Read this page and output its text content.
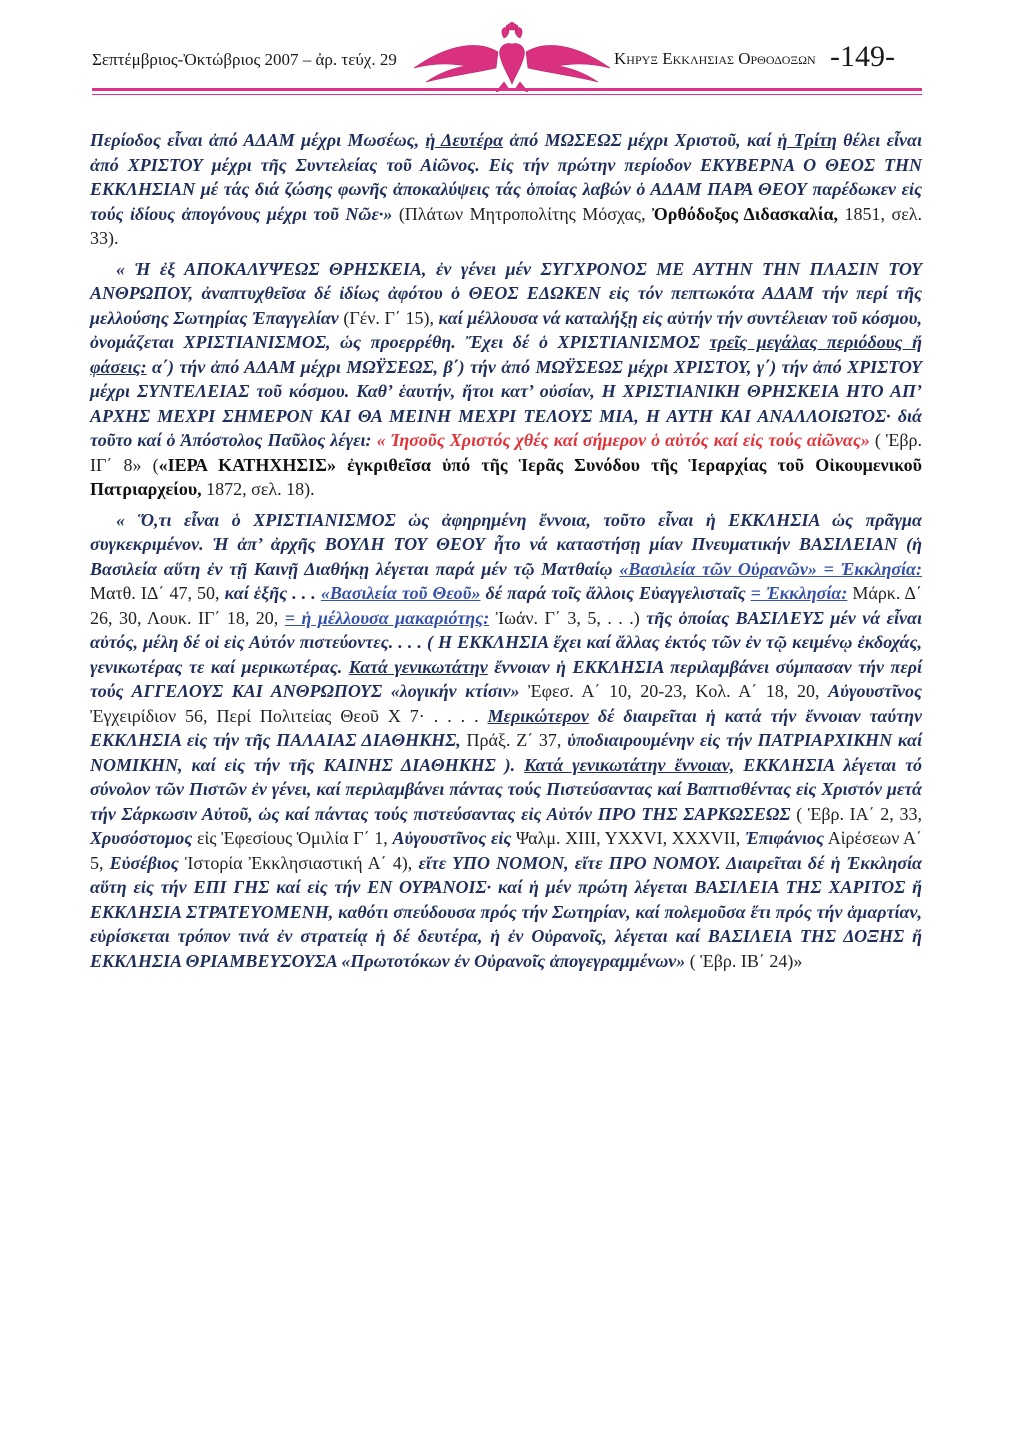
Σεπτέμβριος-Ὀκτώβριος 2007 – ἀρ. τεύχ. 29	Κηρυξ Εκκλησιασ Ορθοδοξων -149-

Περίοδος εἶναι ἀπό ΑΔΑΜ μέχρι Μωσέως, ἡ Δευτέρα ἀπό ΜΩΣΕΩΣ μέχρι Χριστοῦ, καί ἡ Τρίτη θέλει εἶναι ἀπό ΧΡΙΣΤΟΥ μέχρι τῆς Συντελείας τοῦ Αἰῶνος. Εἰς τήν πρώτην περίοδον ΕΚΥΒΕΡΝΑ Ο ΘΕΟΣ ΤΗΝ ΕΚΚΛΗΣΙΑΝ μέ τάς διά ζώσης φωνῆς ἀποκαλύψεις τάς ὁποίας λαβών ὁ ΑΔΑΜ ΠΑΡΑ ΘΕΟΥ παρέδωκεν εἰς τούς ἰδίους ἀπογόνους μέχρι τοῦ Νῶε·» (Πλάτων Μητροπολίτης Μόσχας, Ὀρθόδοξος Διδασκαλία, 1851, σελ. 33).

« Ἡ ἐξ ΑΠΟΚΑΛΥΨΕΩΣ ΘΡΗΣΚΕΙΑ, ἐν γένει μέν ΣΥΓΧΡΟΝΟΣ ΜΕ ΑΥΤΗΝ ΤΗΝ ΠΛΑΣΙΝ ΤΟΥ ΑΝΘΡΩΠΟΥ, ἀναπτυχθεῖσα δέ ἰδίως ἀφότου ὁ ΘΕΟΣ ΕΔΩΚΕΝ εἰς τόν πεπτωκότα ΑΔΑΜ τήν περί τῆς μελλούσης Σωτηρίας Ἐπαγγελίαν (Γέν. Γ΄ 15), καί μέλλουσα νά καταλήξῃ εἰς αὐτήν τήν συντέλειαν τοῦ κόσμου, ὀνομάζεται ΧΡΙΣΤΙΑΝΙΣΜΟΣ, ὡς προερρέθη. Ἔχει δέ ὁ ΧΡΙΣΤΙΑΝΙΣΜΟΣ τρεῖς μεγάλας περιόδους ἤ φάσεις: α΄) τήν ἀπό ΑΔΑΜ μέχρι ΜΩΫΣΕΩΣ, β΄) τήν ἀπό ΜΩΫΣΕΩΣ μέχρι ΧΡΙΣΤΟΥ, γ΄) τήν ἀπό ΧΡΙΣΤΟΥ μέχρι ΣΥΝΤΕΛΕΙΑΣ τοῦ κόσμου. Καθ’ ἑαυτήν, ἤτοι κατ’ οὐσίαν, Η ΧΡΙΣΤΙΑΝΙΚΗ ΘΡΗΣΚΕΙΑ ΗΤΟ ΑΠ’ ΑΡΧΗΣ ΜΕΧΡΙ ΣΗΜΕΡΟΝ ΚΑΙ ΘΑ ΜΕΙΝΗ ΜΕΧΡΙ ΤΕΛΟΥΣ ΜΙΑ, Η ΑΥΤΗ ΚΑΙ ΑΝΑΛΛΟΙΩΤΟΣ· διά τοῦτο καί ὁ Ἀπόστολος Παῦλος λέγει: « Ἰησοῦς Χριστός χθές καί σήμερον ὁ αὐτός καί εἰς τούς αἰῶνας» ( Ἑβρ. ΙΓ΄ 8» («ΙΕΡΑ ΚΑΤΗΧΗΣΙΣ» ἐγκριθεῖσα ὑπό τῆς Ἱερᾶς Συνόδου τῆς Ἱεραρχίας τοῦ Οἰκουμενικοῦ Πατριαρχείου, 1872, σελ. 18).

« Ὅ,τι εἶναι ὁ ΧΡΙΣΤΙΑΝΙΣΜΟΣ ὡς ἀφηρημένη ἔννοια, τοῦτο εἶναι ἡ ΕΚΚΛΗΣΙΑ ὡς πρᾶγμα συγκεκριμένον. Ἡ ἀπ’ ἀρχῆς ΒΟΥΛΗ ΤΟΥ ΘΕΟΥ ἦτο νά καταστήσῃ μίαν Πνευματικήν ΒΑΣΙΛΕΙΑΝ (ἡ Βασιλεία αὕτη ἐν τῇ Καινῇ Διαθήκῃ λέγεται παρά μέν τῷ Ματθαίῳ «Βασιλεία τῶν Οὐρανῶν» = Ἐκκλησία: Ματθ. ΙΔ΄ 47, 50, καί ἑξῆς . . . «Βασιλεία τοῦ Θεοῦ» δέ παρά τοῖς ἄλλοις Εὐαγγελισταῖς = Ἐκκλησία: Μάρκ. Δ΄ 26, 30, Λουκ. ΙΓ΄ 18, 20, = ἡ μέλλουσα μακαριότης: Ἰωάν. Γ΄ 3, 5, . . .) τῆς ὁποίας ΒΑΣΙΛΕΥΣ μέν νά εἶναι αὐτός, μέλη δέ οἱ εἰς Αὐτόν πιστεύοντες. . . . ( Η ΕΚΚΛΗΣΙΑ ἔχει καί ἄλλας ἐκτός τῶν ἐν τῷ κειμένῳ ἐκδοχάς, γενικωτέρας τε καί μερικωτέρας. Κατά γενικωτάτην ἔννοιαν ἡ ΕΚΚΛΗΣΙΑ περιλαμβάνει σύμπασαν τήν περί τούς ΑΓΓΕΛΟΥΣ ΚΑΙ ΑΝΘΡΩΠΟΥΣ «λογικήν κτίσιν» Ἐφεσ. Α΄ 10, 20-23, Κολ. Α΄ 18, 20, Αὐγουστῖνος Ἐγχειρίδιον 56, Περί Πολιτείας Θεοῦ Χ 7· . . . . Μερικώτερον δέ διαιρεῖται ἡ κατά τήν ἔννοιαν ταύτην ΕΚΚΛΗΣΙΑ εἰς τήν τῆς ΠΑΛΑΙΑΣ ΔΙΑΘΗΚΗΣ, Πράξ. Ζ΄ 37, ὑποδιαιρουμένην εἰς τήν ΠΑΤΡΙΑΡΧΙΚΗΝ καί ΝΟΜΙΚΗΝ, καί εἰς τήν τῆς ΚΑΙΝΗΣ ΔΙΑΘΗΚΗΣ ). Κατά γενικωτάτην ἔννοιαν, ΕΚΚΛΗΣΙΑ λέγεται τό σύνολον τῶν Πιστῶν ἐν γένει, καί περιλαμβάνει πάντας τούς Πιστεύσαντας καί Βαπτισθέντας εἰς Χριστόν μετά τήν Σάρκωσιν Αὐτοῦ, ὡς καί πάντας τούς πιστεύσαντας εἰς Αὐτόν ΠΡΟ ΤΗΣ ΣΑΡΚΩΣΕΩΣ ( Ἑβρ. ΙΑ΄ 2, 33, Χρυσόστομος εἰς Ἐφεσίους Ὁμιλία Γ΄ 1, Αὐγουστῖνος εἰς Ψαλμ. ΧΙΙΙ, ΥΧΧVΙ, ΧΧΧVΙΙ, Ἐπιφάνιος Αἱρέσεων Α΄ 5, Εὐσέβιος Ἱστορία Ἐκκλησιαστική Α΄ 4), εἴτε ΥΠΟ ΝΟΜΟΝ, εἴτε ΠΡΟ ΝΟΜΟΥ. Διαιρεῖται δέ ἡ Ἐκκλησία αὕτη εἰς τήν ΕΠΙ ΓΗΣ καί εἰς τήν ΕΝ ΟΥΡΑΝΟΙΣ· καί ἡ μέν πρώτη λέγεται ΒΑΣΙΛΕΙΑ ΤΗΣ ΧΑΡΙΤΟΣ ἤ ΕΚΚΛΗΣΙΑ ΣΤΡΑΤΕΥΟΜΕΝΗ, καθότι σπεύδουσα πρός τήν Σωτηρίαν, καί πολεμοῦσα ἔτι πρός τήν ἁμαρτίαν, εὑρίσκεται τρόπον τινά ἐν στρατείᾳ ἡ δέ δευτέρα, ἡ ἐν Οὐρανοῖς, λέγεται καί ΒΑΣΙΛΕΙΑ ΤΗΣ ΔΟΞΗΣ ἤ ΕΚΚΛΗΣΙΑ ΘΡΙΑΜΒΕΥΣΟΥΣΑ «Πρωτοτόκων ἐν Οὐρανοῖς ἀπογεγραμμένων» ( Ἑβρ. ΙΒ΄ 24)»
